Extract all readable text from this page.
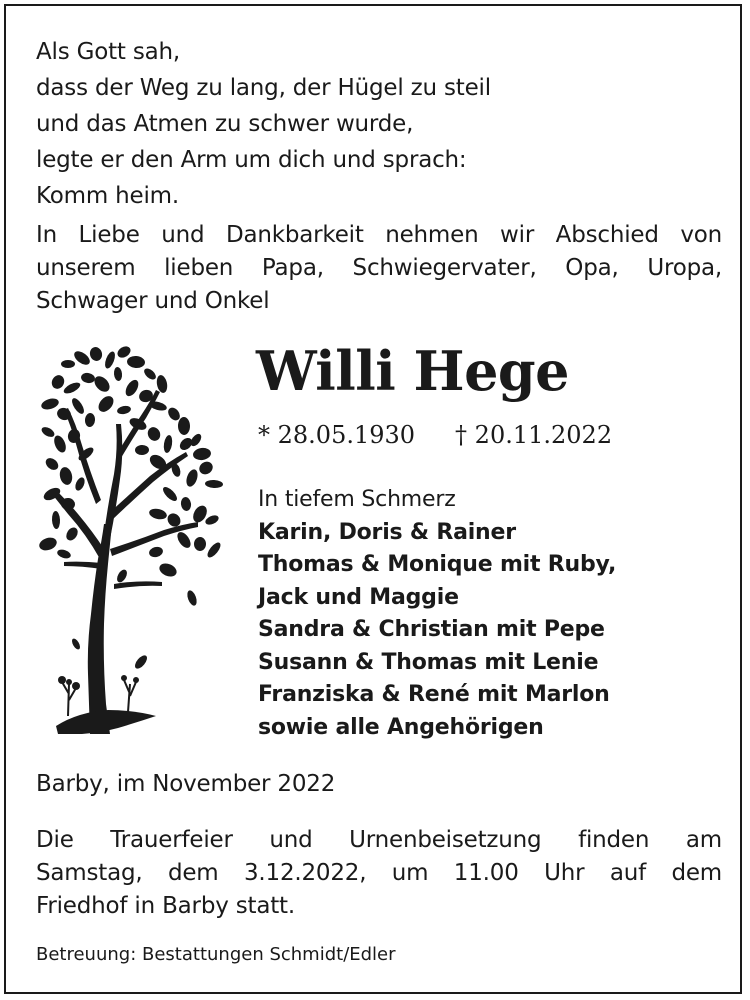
Als Gott sah,
dass der Weg zu lang, der Hügel zu steil
und das Atmen zu schwer wurde,
legte er den Arm um dich und sprach:
Komm heim.
In Liebe und Dankbarkeit nehmen wir Abschied von
unserem lieben Papa, Schwiegervater, Opa, Uropa,
Schwager und Onkel
Willi Hege
* 28.05.1930 † 20.11.2022
In tiefem Schmerz
Karin, Doris & Rainer
Thomas & Monique mit Ruby,
Jack und Maggie
Sandra & Christian mit Pepe
Susann & Thomas mit Lenie
Franziska & René mit Marlon
sowie alle Angehörigen
Barby, im November 2022
Die Trauerfeier und Urnenbeisetzung finden am
Samstag, dem 3.12.2022, um 11.00 Uhr auf dem
Friedhof in Barby statt.
Betreuung: Bestattungen Schmidt/Edler
